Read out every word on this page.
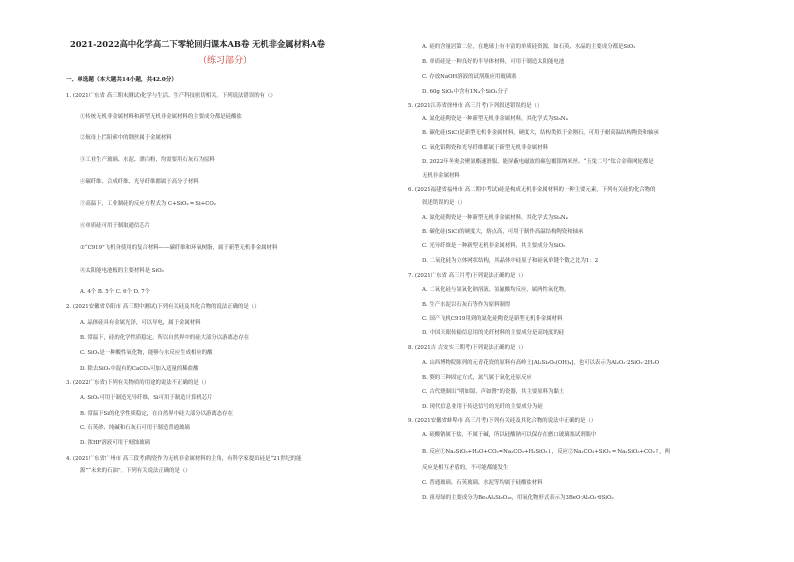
2021-2022高中化学高二下零轮回归课本AB卷 无机非金属材料A卷
（练习部分）
一、单选题（本大题共14小题，共42.0分）
1. (2021广东省 高三期末测试)化学与生活、生产科技密切相关。下列说法错误的有（）
①传统无机非金属材料和新型无机非金属材料的主要成分都是硅酸盐
②航母上拦阻索中的钢丝属于金属材料
③工业生产玻璃、水泥、漂白粉，均需要用石灰石为原料
④碳纤维、合成纤维、光导纤维都属于高分子材料
⑤高温下，工业制硅的反应方程式为 C+SiO₂ ═ Si+CO₂
⑥单质硅可用于制取通信芯片
⑦“C919”飞机身使用的复合材料——碳纤维和环氧树脂，属于新型无机非金属材料
⑧太阳能电池板的主要材料是 SiO₂
A. 4个 B. 5个 C. 6个 D. 7个
2. (2021安徽省阜阳市 高三期中测试)下列有关硅及其化合物的说法正确的是（）
A. 晶体硅具有金属光泽，可以导电，属于金属材料
B. 常温下，硅的化学性质稳定，所以自然界中的硅大部分以游离态存在
C. SiO₂是一种酸性氧化物，能够与水反应生成相应的酸
D. 除去SiO₂中混有的CaCO₃可加入适量的稀盐酸
3. (2022广东省)下列有关物质的用途的说法不正确的是（）
A. SiO₂可用于制造光导纤维，Si可用于制造计算机芯片
B. 常温下Si的化学性质稳定，在自然界中硅大部分以游离态存在
C. 石英砂、纯碱和石灰石可用于制造普通玻璃
D. 浓HF溶液可用于刻蚀玻璃
4. (2021广东省广州市 高三段考)陶瓷作为无机非金属材料的主角，有科学家提出硅是“21世纪的能
源”“未来的石油”。下列有关说法正确的是（）
A. 硅的含量居第二位，在地球上有丰富的单质硅资源，如石英、水晶的主要成分都是SiO₂
B. 单质硅是一种良好的半导体材料，可用于制造太阳能电池
C. 存放NaOH溶液的试剂瓶应用玻璃塞
D. 60g SiO₂中含有1N₄个SiO₂分子
5. (2021江苏省徐州市 高三月考)下列叙述错误的是（）
A. 氮化硅陶瓷是一种新型无机非金属材料，其化学式为Si₃N₄
B. 碳化硅(SiC)是新型无机非金属材料，硬度大，结构类似于金刚石，可用于耐高温结构陶瓷和轴承
C. 氧化铝陶瓷和光导纤维都属于新型无机非金属材料
D. 2022年冬奥会聚氨酯速滑服、能屏蔽电磁波的碳包覆银纳米丝、“玉兔二号”钛合金筛网轮都是
无机非金属材料
6. (2021福建省福州市 高二期中考试)硅是构成无机非金属材料的一种主要元素，下列有关硅的化合物的
叙述错误的是（）
A. 氮化硅陶瓷是一种新型无机非金属材料，其化学式为Si₃N₄
B. 碳化硅(SiC)的硬度大，熔点高，可用于制作高温结构陶瓷和轴承
C. 光导纤维是一种新型无机非金属材料，其主要成分为SiO₂
D. 二氧化硅为立体网状结构，其晶体中硅原子和硅氧单键个数之比为1：2
7. (2021广东省 高三月考)下列说法正确的是（）
A. 二氧化硅与氢氧化钠溶液、氢氟酸均反应，属两性氧化物。
B. 生产水泥以石灰石等作为原料制得
C. 国产飞机C919用到的氮化硅陶瓷是新型无机非金属材料
D. 中国天眼传输信息用的光纤材料的主要成分是高纯度的硅
8. (2021吉 吉安实三期考)下列说法正确的是（）
A. 山西博物院陈列的元青花瓷的原料有高岭土[Al₂Si₂O₅(OH)₄]，也可以表示为Al₂O₃·2SiO₂·2H₂O
B. 獒的三种固定方式，氮气属于氧化还原反应
C. 古代烧制出“明如镜、声如磬”的瓷器，其主要原料为黏土
D. 现代信息业用于传送信号的光纤的主要成分为硅
9. (2021安徽省蚌埠市 高三月考)下列有关硅及其化合物的说法中正确的是（）
A. 硅酸钠属于盐，不属于碱，所以硅酸钠可以保存在磨口玻璃塞试剂瓶中
B. 反应①Na₂SiO₃+H₂O+CO₂=Na₂CO₃+H₂SiO₃↓，反应②Na₂CO₃+SiO₂ ═ Na₂SiO₃+CO₂↑，两
反应是相互矛盾的，不可能都能发生
C. 普通玻璃、石英玻璃、水泥等均属于硅酸盐材料
D. 祖母绿的主要成分为Be₃Al₂Si₆O₁₈，用氧化物形式表示为3BeO·Al₂O₃·6SiO₂
